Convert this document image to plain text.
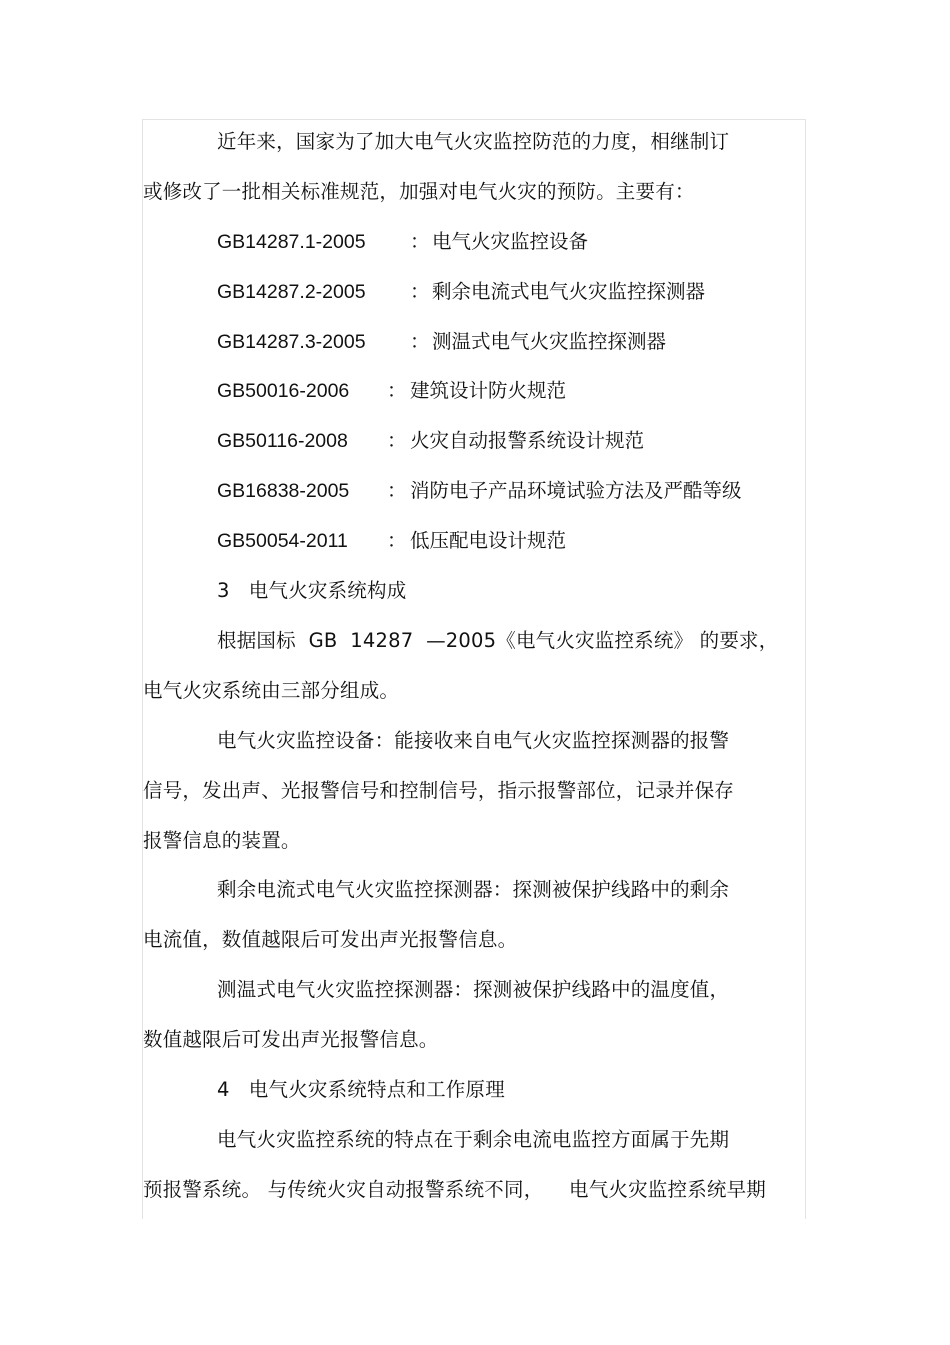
近年来，国家为了加大电气火灾监控防范的力度，相继制订
或修改了一批相关标准规范，加强对电气火灾的预防。主要有：
GB14287.1-2005 ： 电气火灾监控设备
GB14287.2-2005 ： 剩余电流式电气火灾监控探测器
GB14287.3-2005 ： 测温式电气火灾监控探测器
GB50016-2006 ： 建筑设计防火规范
GB50116-2008 ： 火灾自动报警系统设计规范
GB16838-2005 ： 消防电子产品环境试验方法及严酷等级
GB50054-2011 ： 低压配电设计规范
3   电气火灾系统构成
根据国标  GB  14287  —2005《电气火灾监控系统》 的要求，
电气火灾系统由三部分组成。
电气火灾监控设备：能接收来自电气火灾监控探测器的报警
信号，发出声、光报警信号和控制信号，指示报警部位，记录并保存
报警信息的装置。
剩余电流式电气火灾监控探测器：探测被保护线路中的剩余
电流值，数值越限后可发出声光报警信息。
测温式电气火灾监控探测器：探测被保护线路中的温度值，
数值越限后可发出声光报警信息。
4   电气火灾系统特点和工作原理
电气火灾监控系统的特点在于剩余电流电监控方面属于先期
预报警系统。 与传统火灾自动报警系统不同，    电气火灾监控系统早期
